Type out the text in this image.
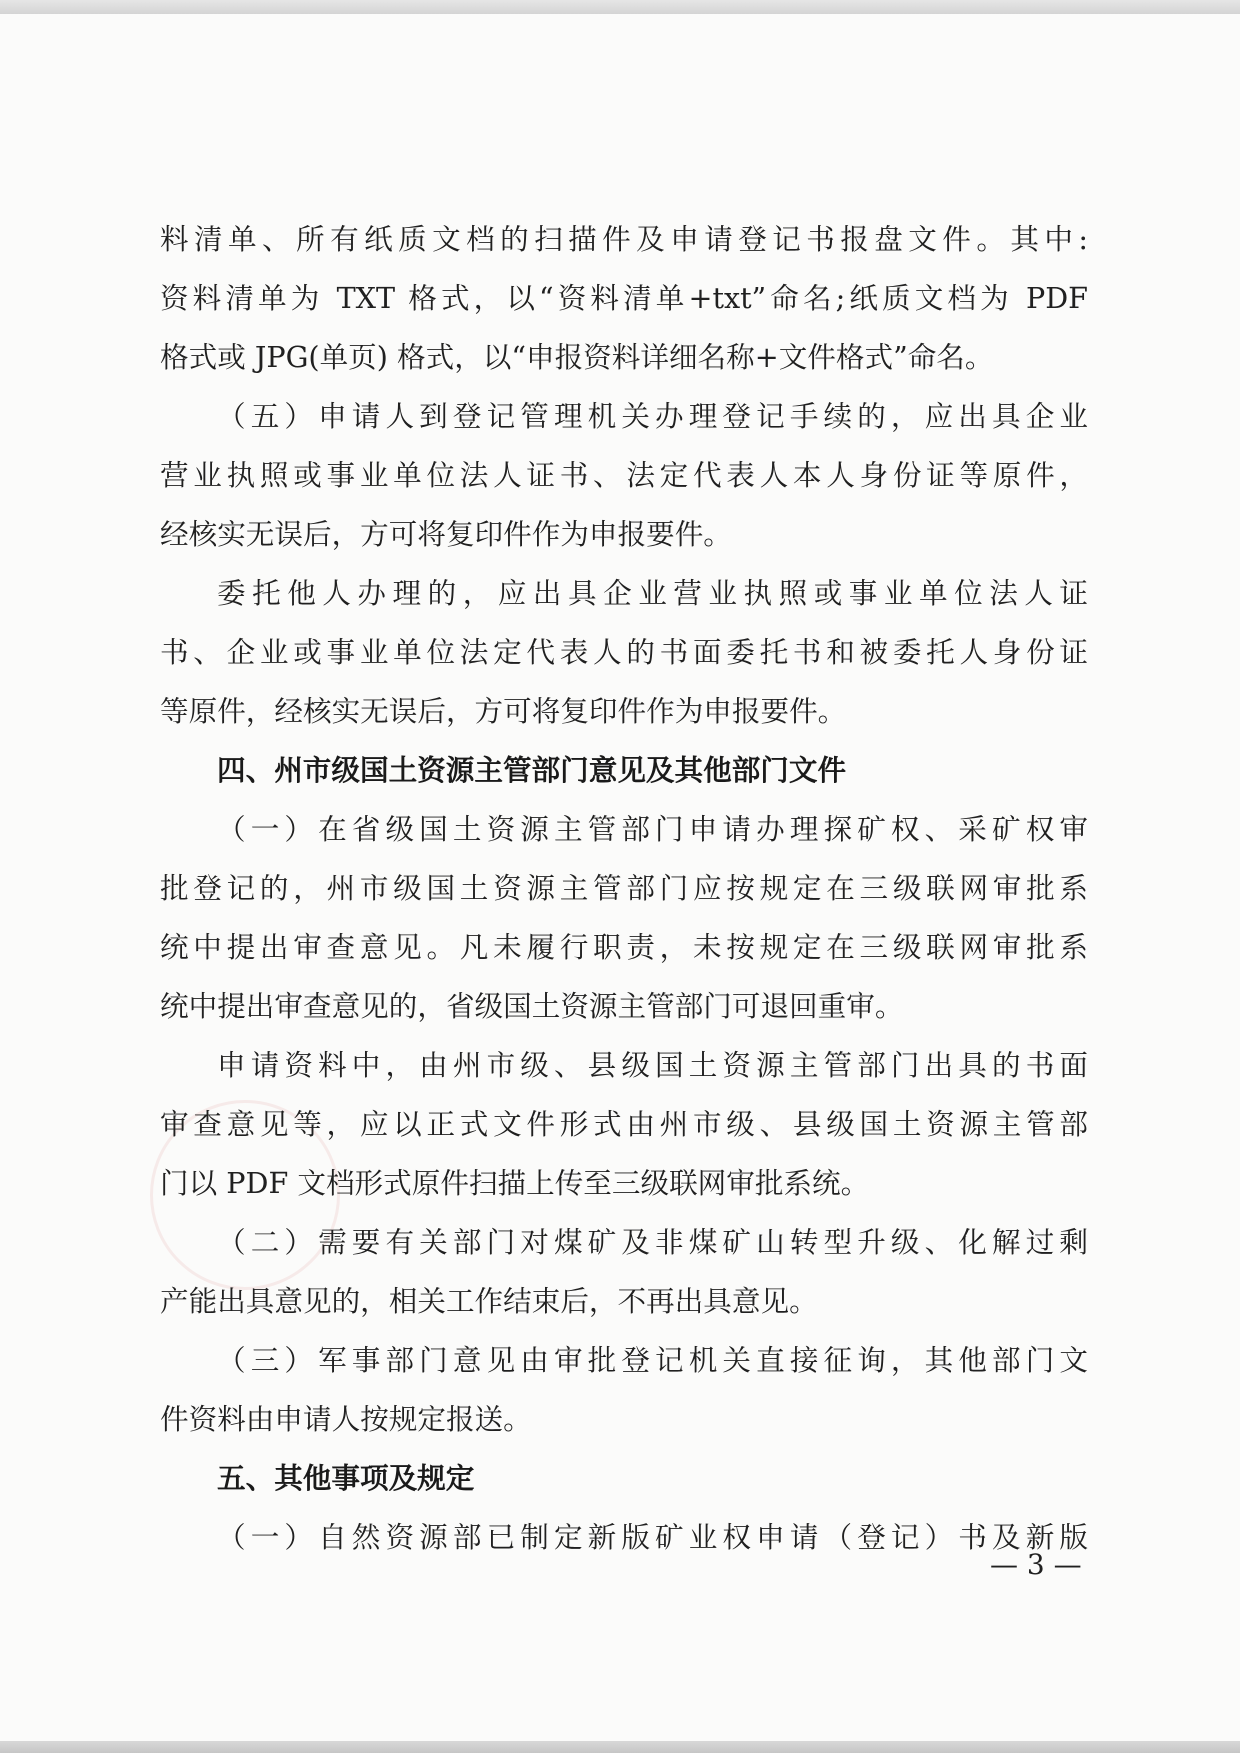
料清单、所有纸质文档的扫描件及申请登记书报盘文件。其中:
资料清单为 TXT 格式，以“资料清单+txt”命名;纸质文档为 PDF
格式或 JPG(单页) 格式，以“申报资料详细名称+文件格式”命名。
（五）申请人到登记管理机关办理登记手续的，应出具企业
营业执照或事业单位法人证书、法定代表人本人身份证等原件，
经核实无误后，方可将复印件作为申报要件。
委托他人办理的，应出具企业营业执照或事业单位法人证
书、企业或事业单位法定代表人的书面委托书和被委托人身份证
等原件，经核实无误后，方可将复印件作为申报要件。
四、州市级国土资源主管部门意见及其他部门文件
（一）在省级国土资源主管部门申请办理探矿权、采矿权审
批登记的，州市级国土资源主管部门应按规定在三级联网审批系
统中提出审查意见。凡未履行职责，未按规定在三级联网审批系
统中提出审查意见的，省级国土资源主管部门可退回重审。
申请资料中，由州市级、县级国土资源主管部门出具的书面
审查意见等，应以正式文件形式由州市级、县级国土资源主管部
门以 PDF 文档形式原件扫描上传至三级联网审批系统。
（二）需要有关部门对煤矿及非煤矿山转型升级、化解过剩
产能出具意见的，相关工作结束后，不再出具意见。
（三）军事部门意见由审批登记机关直接征询，其他部门文
件资料由申请人按规定报送。
五、其他事项及规定
（一）自然资源部已制定新版矿业权申请（登记）书及新版
— 3 —
